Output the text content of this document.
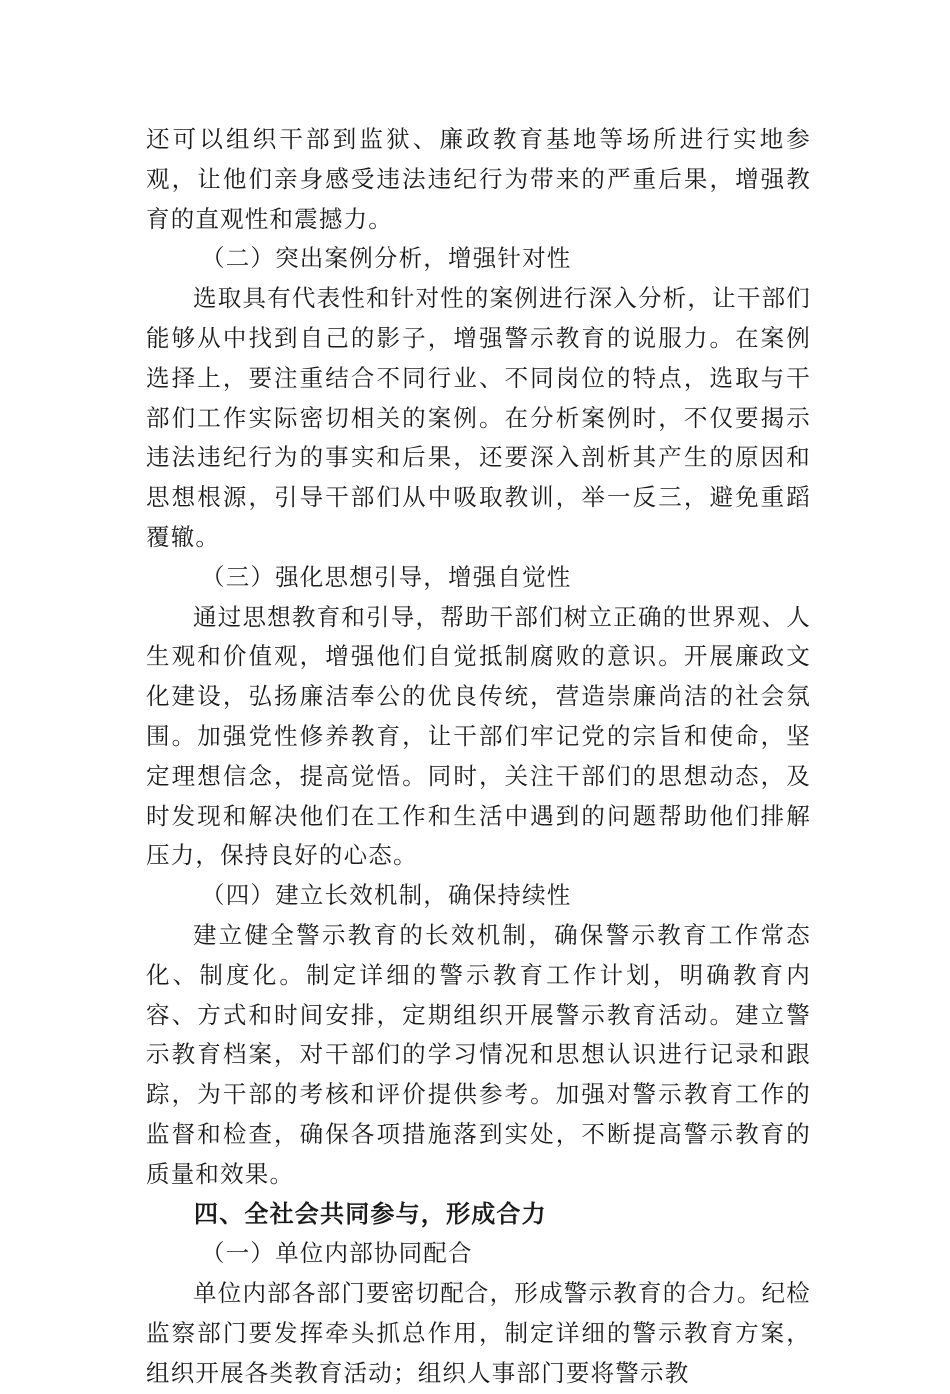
还可以组织干部到监狱、廉政教育基地等场所进行实地参观，让他们亲身感受违法违纪行为带来的严重后果，增强教育的直观性和震撼力。

（二）突出案例分析，增强针对性

选取具有代表性和针对性的案例进行深入分析，让干部们能够从中找到自己的影子，增强警示教育的说服力。在案例选择上，要注重结合不同行业、不同岗位的特点，选取与干部们工作实际密切相关的案例。在分析案例时，不仅要揭示违法违纪行为的事实和后果，还要深入剖析其产生的原因和思想根源，引导干部们从中吸取教训，举一反三，避免重蹈覆辙。

（三）强化思想引导，增强自觉性

通过思想教育和引导，帮助干部们树立正确的世界观、人生观和价值观，增强他们自觉抵制腐败的意识。开展廉政文化建设，弘扬廉洁奉公的优良传统，营造崇廉尚洁的社会氛围。加强党性修养教育，让干部们牢记党的宗旨和使命，坚定理想信念，提高觉悟。同时，关注干部们的思想动态，及时发现和解决他们在工作和生活中遇到的问题帮助他们排解压力，保持良好的心态。

（四）建立长效机制，确保持续性

建立健全警示教育的长效机制，确保警示教育工作常态化、制度化。制定详细的警示教育工作计划，明确教育内容、方式和时间安排，定期组织开展警示教育活动。建立警示教育档案，对干部们的学习情况和思想认识进行记录和跟踪，为干部的考核和评价提供参考。加强对警示教育工作的监督和检查，确保各项措施落到实处，不断提高警示教育的质量和效果。

四、全社会共同参与，形成合力

（一）单位内部协同配合

单位内部各部门要密切配合，形成警示教育的合力。纪检监察部门要发挥牵头抓总作用，制定详细的警示教育方案，组织开展各类教育活动；组织人事部门要将警示教
